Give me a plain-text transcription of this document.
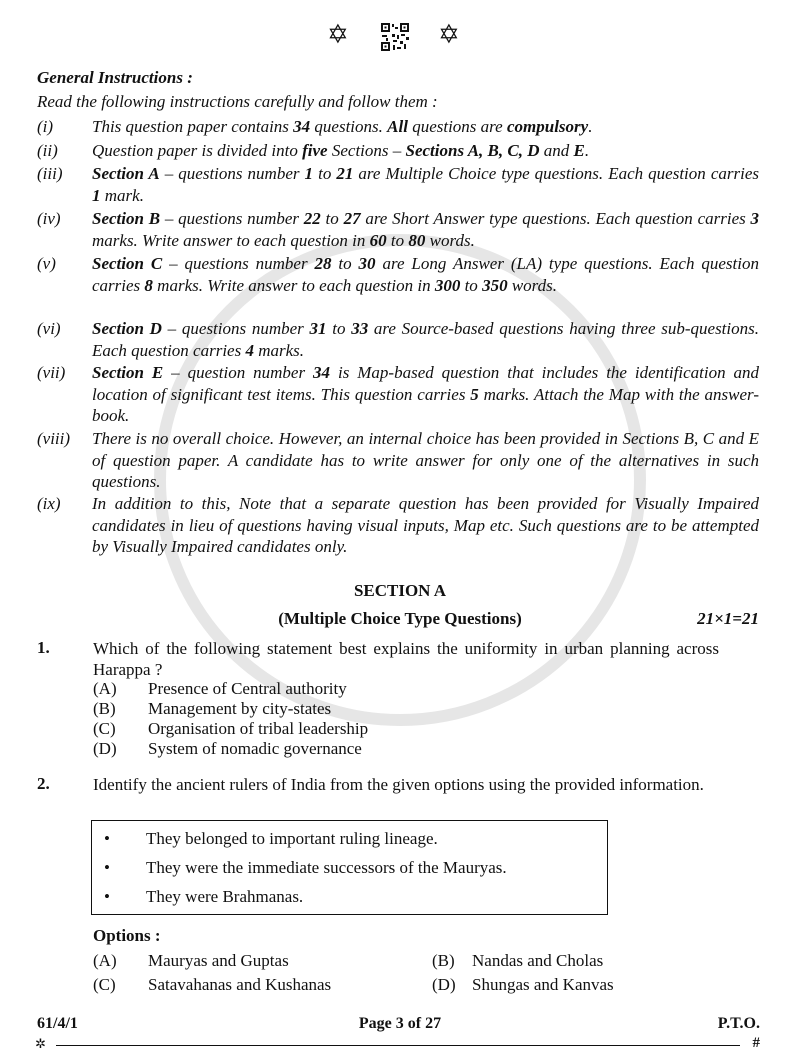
✡	✡
General Instructions :
Read the following instructions carefully and follow them :
(i)	This question paper contains 34 questions. All questions are compulsory.
(ii)	Question paper is divided into five Sections – Sections A, B, C, D and E.
(iii)	Section A – questions number 1 to 21 are Multiple Choice type questions. Each question carries 1 mark.
(iv)	Section B – questions number 22 to 27 are Short Answer type questions. Each question carries 3 marks. Write answer to each question in 60 to 80 words.
(v)	Section C – questions number 28 to 30 are Long Answer (LA) type questions. Each question carries 8 marks. Write answer to each question in 300 to 350 words.
(vi)	Section D – questions number 31 to 33 are Source-based questions having three sub-questions. Each question carries 4 marks.
(vii)	Section E – question number 34 is Map-based question that includes the identification and location of significant test items. This question carries 5 marks. Attach the Map with the answer-book.
(viii)	There is no overall choice. However, an internal choice has been provided in Sections B, C and E of question paper. A candidate has to write answer for only one of the alternatives in such questions.
(ix)	In addition to this, Note that a separate question has been provided for Visually Impaired candidates in lieu of questions having visual inputs, Map etc. Such questions are to be attempted by Visually Impaired candidates only.
SECTION A
(Multiple Choice Type Questions)	21×1=21
1.	Which of the following statement best explains the uniformity in urban planning across Harappa ?
(A) Presence of Central authority
(B) Management by city-states
(C) Organisation of tribal leadership
(D) System of nomadic governance
2.	Identify the ancient rulers of India from the given options using the provided information.
• They belonged to important ruling lineage.
• They were the immediate successors of the Mauryas.
• They were Brahmanas.
Options :
(A) Mauryas and Guptas	(B) Nandas and Cholas
(C) Satavahanas and Kushanas	(D) Shungas and Kanvas
61/4/1	Page 3 of 27	P.T.O.
✲	#
